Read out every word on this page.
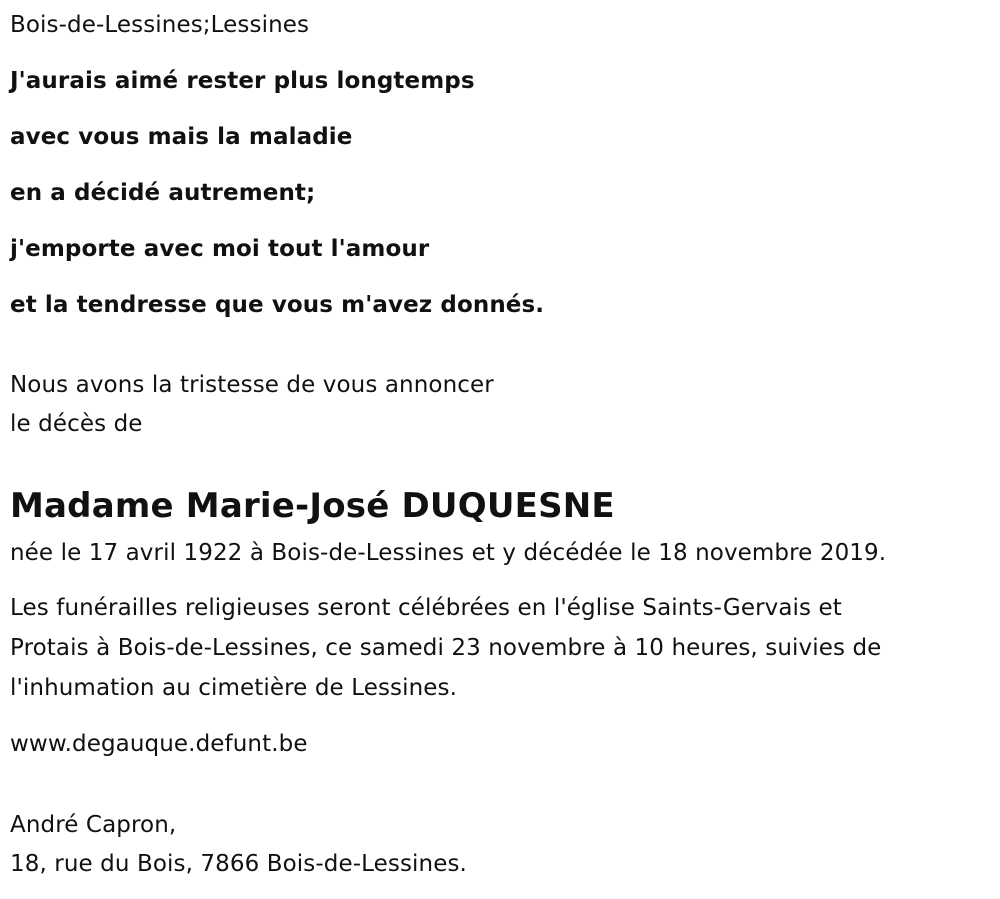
Bois-de-Lessines;Lessines
J'aurais aimé rester plus longtemps
avec vous mais la maladie
en a décidé autrement;
j'emporte avec moi tout l'amour
et la tendresse que vous m'avez donnés.
Nous avons la tristesse de vous annoncer
le décès de
Madame Marie-José DUQUESNE
née le 17 avril 1922 à Bois-de-Lessines et y décédée le 18 novembre 2019.
Les funérailles religieuses seront célébrées en l'église Saints-Gervais et
Protais à Bois-de-Lessines, ce samedi 23 novembre à 10 heures, suivies de
l'inhumation au cimetière de Lessines.
www.degauque.defunt.be
André Capron,
18, rue du Bois, 7866 Bois-de-Lessines.
